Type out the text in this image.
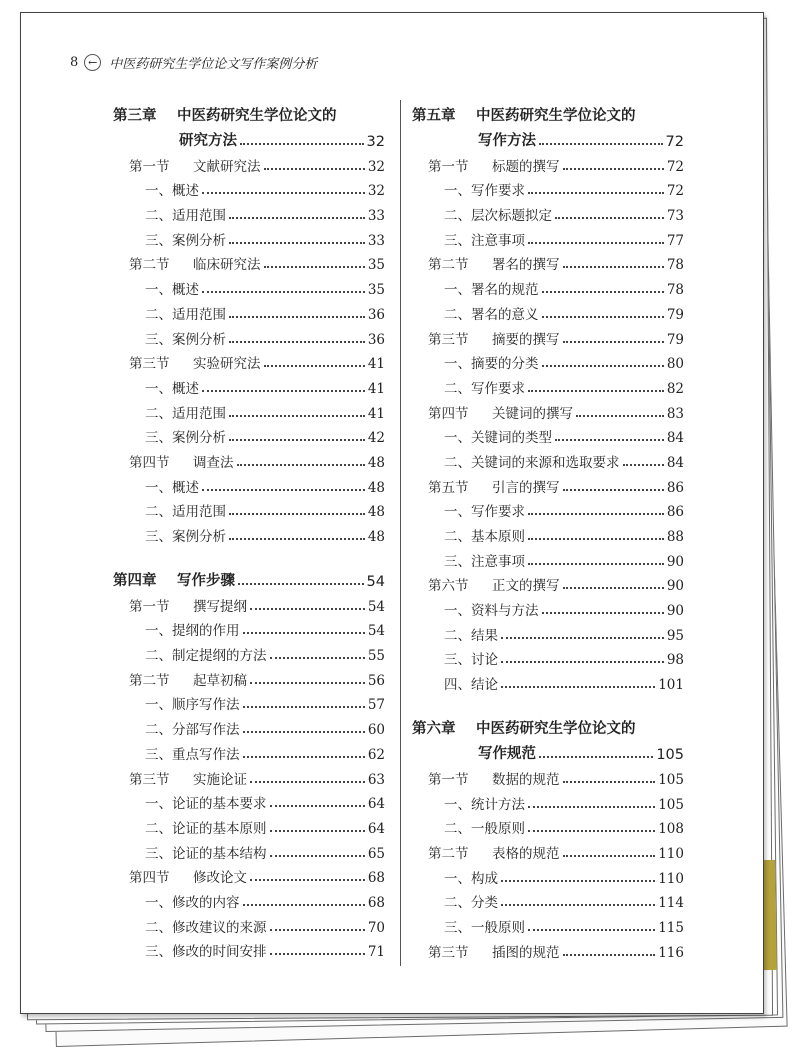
8 ← 中医药研究生学位论文写作案例分析
第三章	中医药研究生学位论文的
研究方法	32
第一节	文献研究法	32
一、概述	32
二、适用范围	33
三、案例分析	33
第二节	临床研究法	35
一、概述	35
二、适用范围	36
三、案例分析	36
第三节	实验研究法	41
一、概述	41
二、适用范围	41
三、案例分析	42
第四节	调查法	48
一、概述	48
二、适用范围	48
三、案例分析	48
第四章	写作步骤	54
第一节	撰写提纲	54
一、提纲的作用	54
二、制定提纲的方法	55
第二节	起草初稿	56
一、顺序写作法	57
二、分部写作法	60
三、重点写作法	62
第三节	实施论证	63
一、论证的基本要求	64
二、论证的基本原则	64
三、论证的基本结构	65
第四节	修改论文	68
一、修改的内容	68
二、修改建议的来源	70
三、修改的时间安排	71
第五章	中医药研究生学位论文的
写作方法	72
第一节	标题的撰写	72
一、写作要求	72
二、层次标题拟定	73
三、注意事项	77
第二节	署名的撰写	78
一、署名的规范	78
二、署名的意义	79
第三节	摘要的撰写	79
一、摘要的分类	80
二、写作要求	82
第四节	关键词的撰写	83
一、关键词的类型	84
二、关键词的来源和选取要求	84
第五节	引言的撰写	86
一、写作要求	86
二、基本原则	88
三、注意事项	90
第六节	正文的撰写	90
一、资料与方法	90
二、结果	95
三、讨论	98
四、结论	101
第六章	中医药研究生学位论文的
写作规范	105
第一节	数据的规范	105
一、统计方法	105
二、一般原则	108
第二节	表格的规范	110
一、构成	110
二、分类	114
三、一般原则	115
第三节	插图的规范	116
